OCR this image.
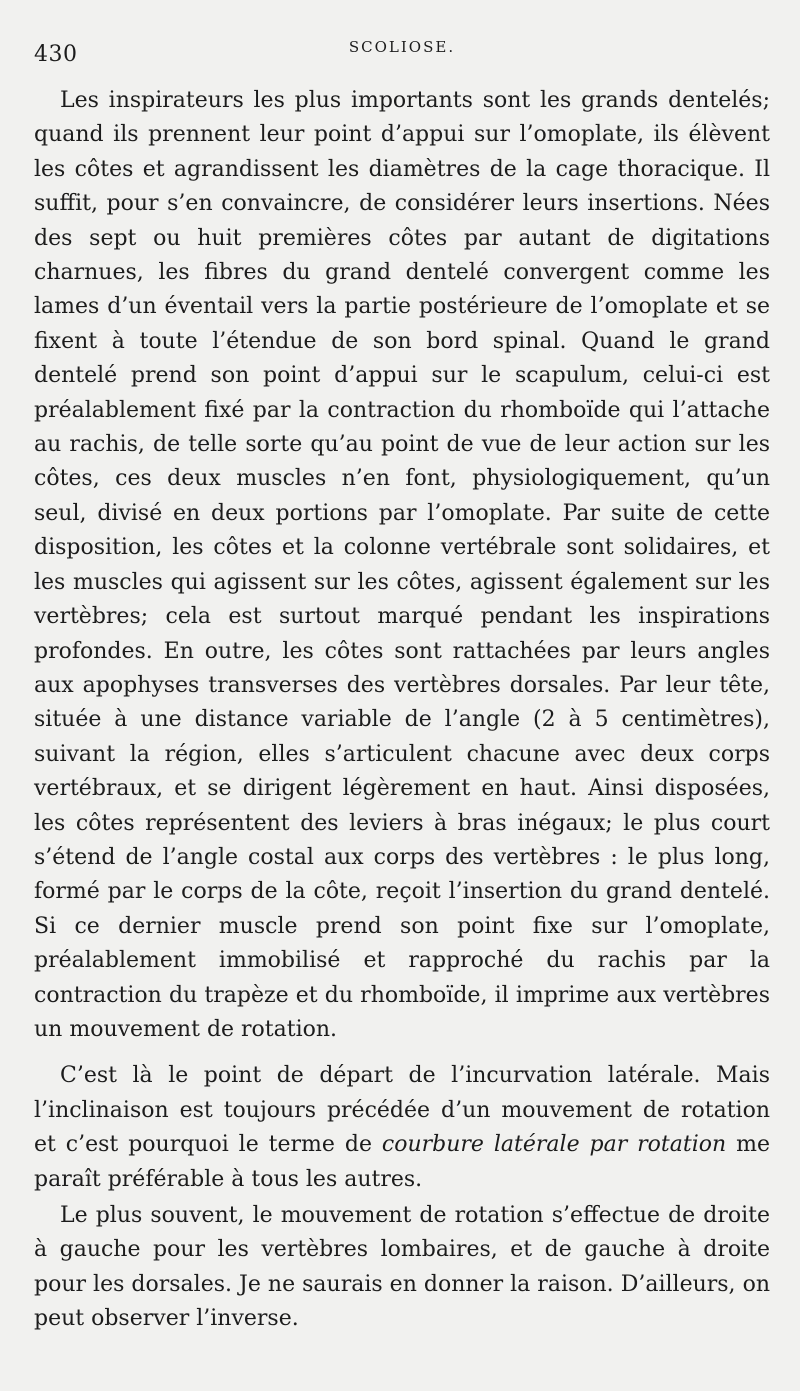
430	SCOLIOSE.

Les inspirateurs les plus importants sont les grands dentelés; quand ils prennent leur point d’appui sur l’omoplate, ils élèvent les côtes et agrandissent les diamètres de la cage thoracique. Il suffit, pour s’en convaincre, de considérer leurs insertions. Nées des sept ou huit premières côtes par autant de digitations charnues, les fibres du grand dentelé convergent comme les lames d’un éventail vers la partie postérieure de l’omoplate et se fixent à toute l’étendue de son bord spinal. Quand le grand dentelé prend son point d’appui sur le scapulum, celui-ci est préalablement fixé par la contraction du rhomboïde qui l’attache au rachis, de telle sorte qu’au point de vue de leur action sur les côtes, ces deux muscles n’en font, physiologiquement, qu’un seul, divisé en deux portions par l’omoplate. Par suite de cette disposition, les côtes et la colonne vertébrale sont solidaires, et les muscles qui agissent sur les côtes, agissent également sur les vertèbres; cela est surtout marqué pendant les inspirations profondes. En outre, les côtes sont rattachées par leurs angles aux apophyses transverses des vertèbres dorsales. Par leur tête, située à une distance variable de l’angle (2 à 5 centimètres), suivant la région, elles s’articulent chacune avec deux corps vertébraux, et se dirigent légèrement en haut. Ainsi disposées, les côtes représentent des leviers à bras inégaux; le plus court s’étend de l’angle costal aux corps des vertèbres : le plus long, formé par le corps de la côte, reçoit l’insertion du grand dentelé. Si ce dernier muscle prend son point fixe sur l’omoplate, préalablement immobilisé et rapproché du rachis par la contraction du trapèze et du rhomboïde, il imprime aux vertèbres un mouvement de rotation.

C’est là le point de départ de l’incurvation latérale. Mais l’inclinaison est toujours précédée d’un mouvement de rotation et c’est pourquoi le terme de courbure latérale par rotation me paraît préférable à tous les autres.

Le plus souvent, le mouvement de rotation s’effectue de droite à gauche pour les vertèbres lombaires, et de gauche à droite pour les dorsales. Je ne saurais en donner la raison. D’ailleurs, on peut observer l’inverse.
